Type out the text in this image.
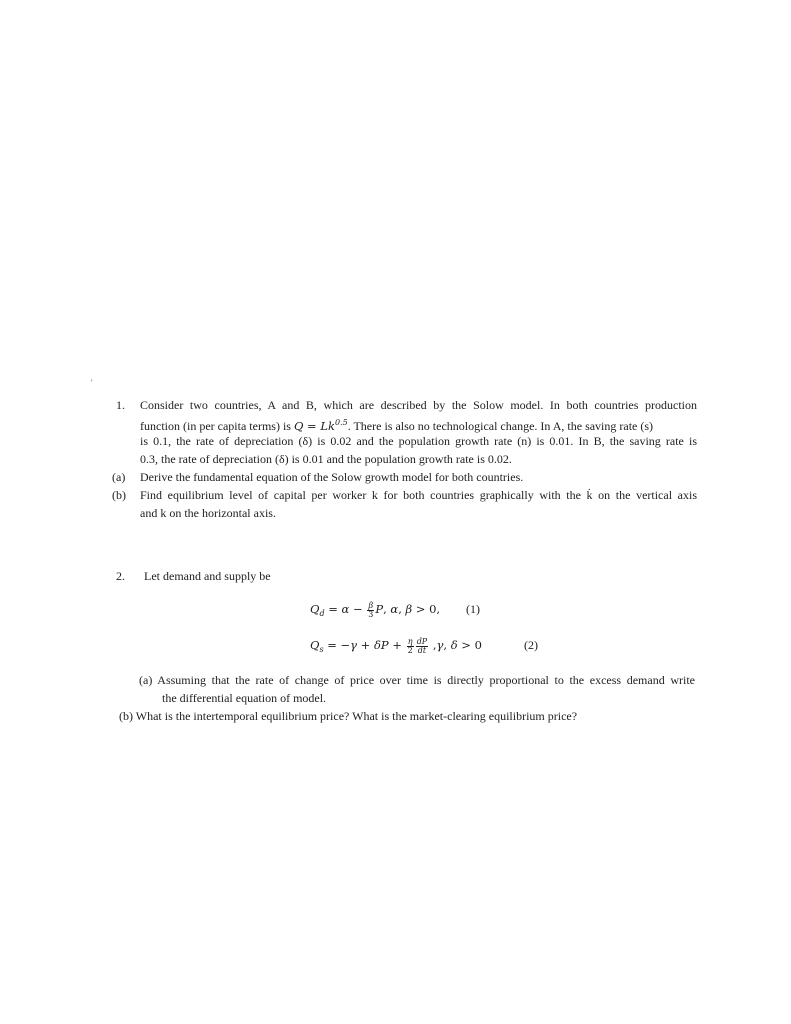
'
1. Consider two countries, A and B, which are described by the Solow model. In both countries production
function (in per capita terms) is $Q = Lk^{0.5}$. There is also no technological change. In A, the saving rate (s)
is 0.1, the rate of depreciation (δ) is 0.02 and the population growth rate (n) is 0.01. In B, the saving rate is
0.3, the rate of depreciation (δ) is 0.01 and the population growth rate is 0.02.
(a) Derive the fundamental equation of the Solow growth model for both countries.
(b) Find equilibrium level of capital per worker k for both countries graphically with the k̇ on the vertical axis
and k on the horizontal axis.
2. Let demand and supply be
$Q_d = \alpha - \frac{\beta}{3} P$, α, β > 0, (1)
$Q_s = -\gamma + \delta P + \frac{\eta}{2} \frac{dP}{dt} ,\gamma$, δ > 0	(2)
(a) Assuming that the rate of change of price over time is directly proportional to the excess demand write
the differential equation of model.
(b) What is the intertemporal equilibrium price? What is the market-clearing equilibrium price?
